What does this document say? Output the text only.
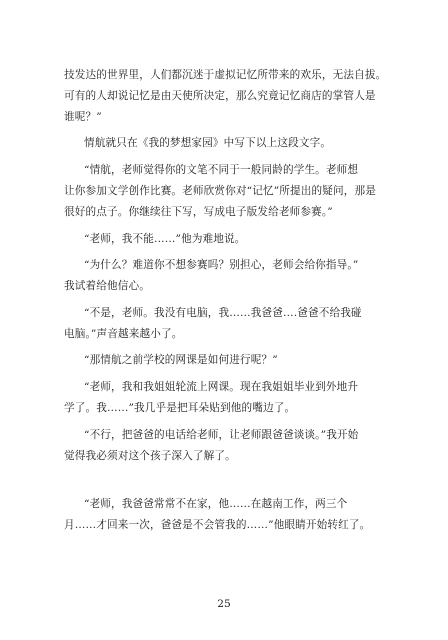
技发达的世界里，人们都沉迷于虚拟记忆所带来的欢乐，无法自拔。
可有的人却说记忆是由天使所决定，那么究竟记忆商店的掌管人是
谁呢？”
情航就只在《我的梦想家园》中写下以上这段文字。
“情航，老师觉得你的文笔不同于一般同龄的学生。老师想
让你参加文学创作比赛。老师欣赏你对“记忆”所提出的疑问，那是
很好的点子。你继续往下写，写成电子版发给老师参赛。”
“老师，我不能……”他为难地说。
“为什么？难道你不想参赛吗？别担心，老师会给你指导。”
我试着给他信心。
“不是，老师。我没有电脑，我……我爸爸….爸爸不给我碰
电脑。”声音越来越小了。
“那情航之前学校的网课是如何进行呢？”
“老师，我和我姐姐轮流上网课。现在我姐姐毕业到外地升
学了。我……”我几乎是把耳朵贴到他的嘴边了。
“不行，把爸爸的电话给老师，让老师跟爸爸谈谈。”我开始
觉得我必须对这个孩子深入了解了。
“老师，我爸爸常常不在家，他……在越南工作，两三个
月……才回来一次，爸爸是不会管我的……”他眼睛开始转红了。
25
